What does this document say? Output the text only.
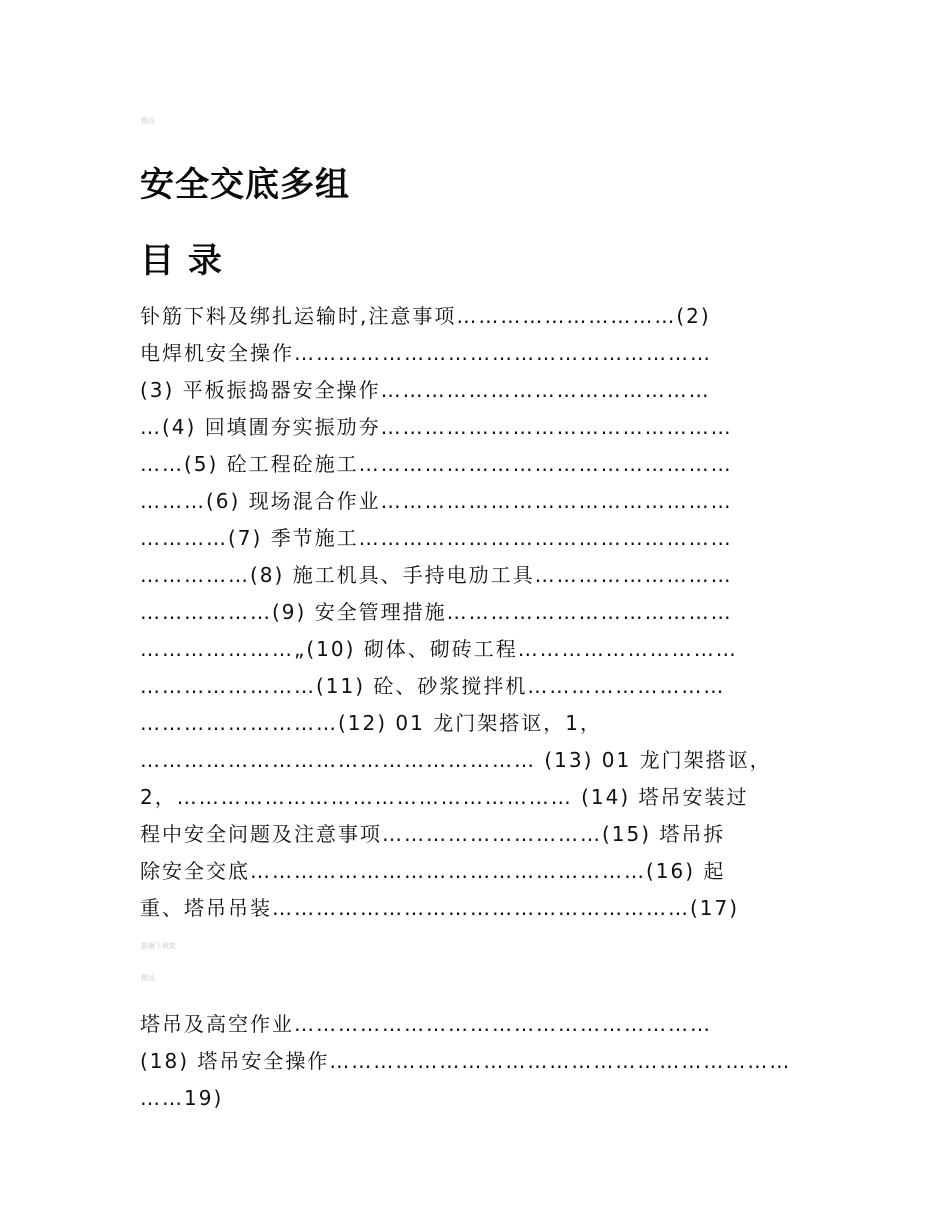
精品
安全交底多组
目 录
钋筋下料及绑扎运输时,注意事项…………………………(2)
电焊机安全操作…………………………………………………
(3) 平板振捣器安全操作………………………………………
…(4) 回填圊夯实振劢夯…………………………………………
……(5) 砼工程砼施工……………………………………………
………(6) 现场混合作业…………………………………………
…………(7) 季节施工……………………………………………
……………(8) 施工机具、手持电劢工具………………………
………………(9) 安全管理措施…………………………………
…………………„(10) 砌体、砌砖工程…………………………
……………………(11) 砼、砂浆搅拌机………………………
………………………(12) 01 龙门架搭讴，1，
……………………………………………… (13) 01 龙门架搭讴，
2，……………………………………………… (14) 塔吊安装过
程中安全问题及注意事项…………………………(15) 塔吊拆
除安全交底………………………………………………(16) 起
重、塔吊吊装…………………………………………………(17)
据谢下载欺
精品
塔吊及高空作业…………………………………………………
(18) 塔吊安全操作………………………………………………………
……19)
